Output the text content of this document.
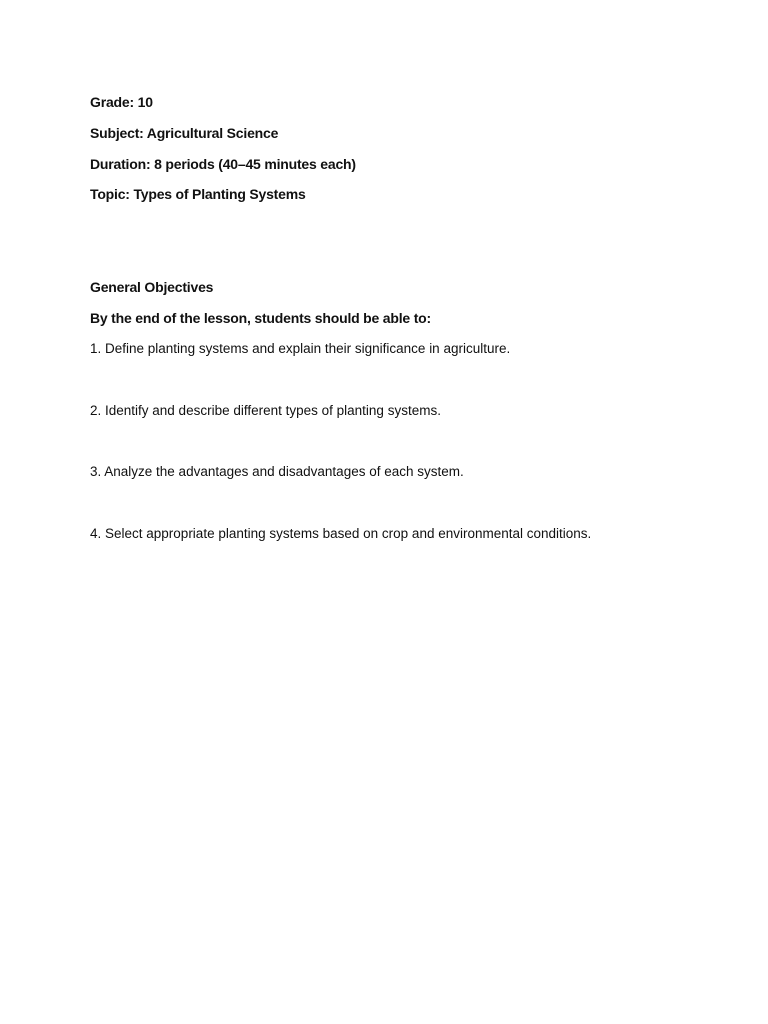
Grade: 10
Subject: Agricultural Science
Duration: 8 periods (40–45 minutes each)
Topic: Types of Planting Systems
General Objectives
By the end of the lesson, students should be able to:
1. Define planting systems and explain their significance in agriculture.
2. Identify and describe different types of planting systems.
3. Analyze the advantages and disadvantages of each system.
4. Select appropriate planting systems based on crop and environmental conditions.
